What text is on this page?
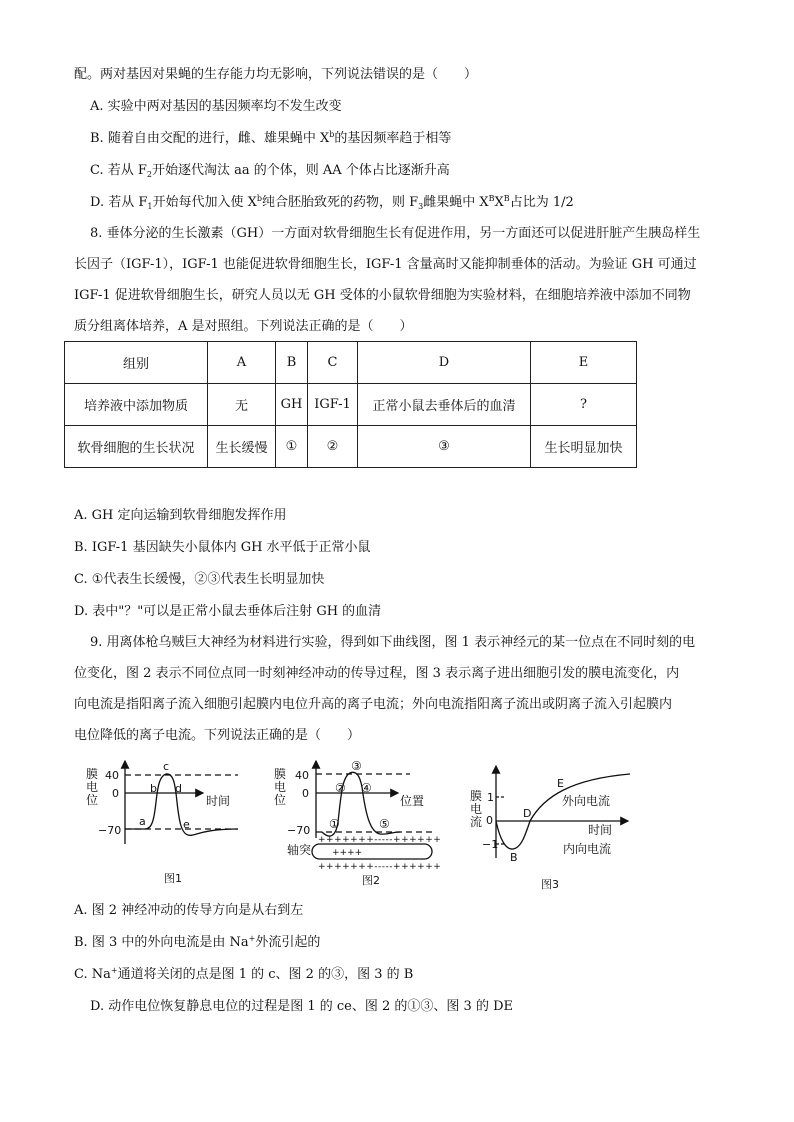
配。两对基因对果蝇的生存能力均无影响，下列说法错误的是（　　）
A. 实验中两对基因的基因频率均不发生改变
B. 随着自由交配的进行，雌、雄果蝇中 $X^b$的基因频率趋于相等
C. 若从 $F_2$开始逐代淘汰 aa 的个体，则 AA 个体占比逐渐升高
D. 若从 $F_1$开始每代加入使 $X^b$纯合胚胎致死的药物，则 $F_3$雌果蝇中 $X^BX^B$占比为 1/2
8. 垂体分泌的生长激素（GH）一方面对软骨细胞生长有促进作用，另一方面还可以促进肝脏产生胰岛样生
长因子（IGF-1），IGF-1 也能促进软骨细胞生长，IGF-1 含量高时又能抑制垂体的活动。为验证 GH 可通过
IGF-1 促进软骨细胞生长，研究人员以无 GH 受体的小鼠软骨细胞为实验材料，在细胞培养液中添加不同物
质分组离体培养，A 是对照组。下列说法正确的是（　　）
组别	A	B	C	D	E
培养液中添加物质	无	GH	IGF-1	正常小鼠去垂体后的血清	?
软骨细胞的生长状况	生长缓慢	①	②	③	生长明显加快
A. GH 定向运输到软骨细胞发挥作用
B. IGF-1 基因缺失小鼠体内 GH 水平低于正常小鼠
C. ①代表生长缓慢，②③代表生长明显加快
D. 表中"？"可以是正常小鼠去垂体后注射 GH 的血清
9. 用离体枪乌贼巨大神经为材料进行实验，得到如下曲线图，图 1 表示神经元的某一位点在不同时刻的电
位变化，图 2 表示不同位点同一时刻神经冲动的传导过程，图 3 表示离子进出细胞引发的膜电流变化，内
向电流是指阳离子流入细胞引起膜内电位升高的离子电流；外向电流指阳离子流出或阴离子流入引起膜内
电位降低的离子电流。下列说法正确的是（　　）
膜电位
40
0
−70
时间
a
b
c
d
e
图1
膜电位
40
0
−70
位置
①
②
③
④
⑤
轴突
+++++++-----++++++
++++
+++++++-----++++++
图2
膜电流
1
0
−1
时间
B
D
E
外向电流
内向电流
图3
A. 图 2 神经冲动的传导方向是从右到左
B. 图 3 中的外向电流是由 Na+外流引起的
C. Na+通道将关闭的点是图 1 的 c、图 2 的③，图 3 的 B
D. 动作电位恢复静息电位的过程是图 1 的 ce、图 2 的①③、图 3 的 DE
